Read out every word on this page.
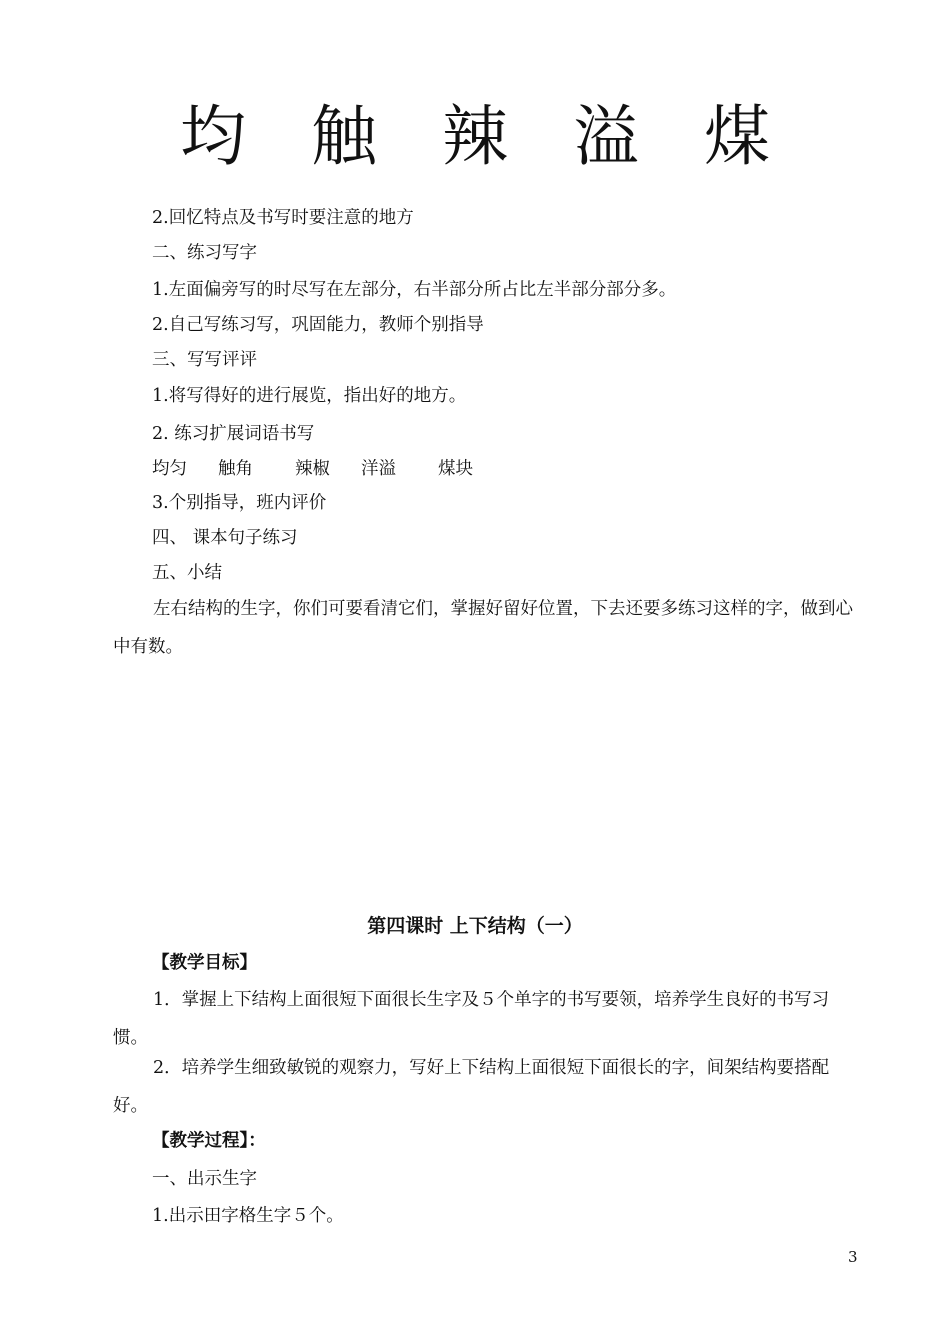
均 触 辣 溢 煤
2.回忆特点及书写时要注意的地方
二、练习写字
1.左面偏旁写的时尽写在左部分，右半部分所占比左半部分部分多。
2.自己写练习写，巩固能力，教师个别指导
三、写写评评
1.将写得好的进行展览，指出好的地方。
2. 练习扩展词语书写
均匀	触角	辣椒	洋溢	煤块
3.个别指导，班内评价
四、 课本句子练习
五、小结

左右结构的生字，你们可要看清它们，掌握好留好位置，下去还要多练习这样的字，做到心中有数。

第四课时 上下结构（一）
【教学目标】

1．掌握上下结构上面很短下面很长生字及５个单字的书写要领，培养学生良好的书写习惯。

2．培养学生细致敏锐的观察力，写好上下结构上面很短下面很长的字，间架结构要搭配好。

【教学过程】：
一、出示生字
1.出示田字格生字５个。
3
